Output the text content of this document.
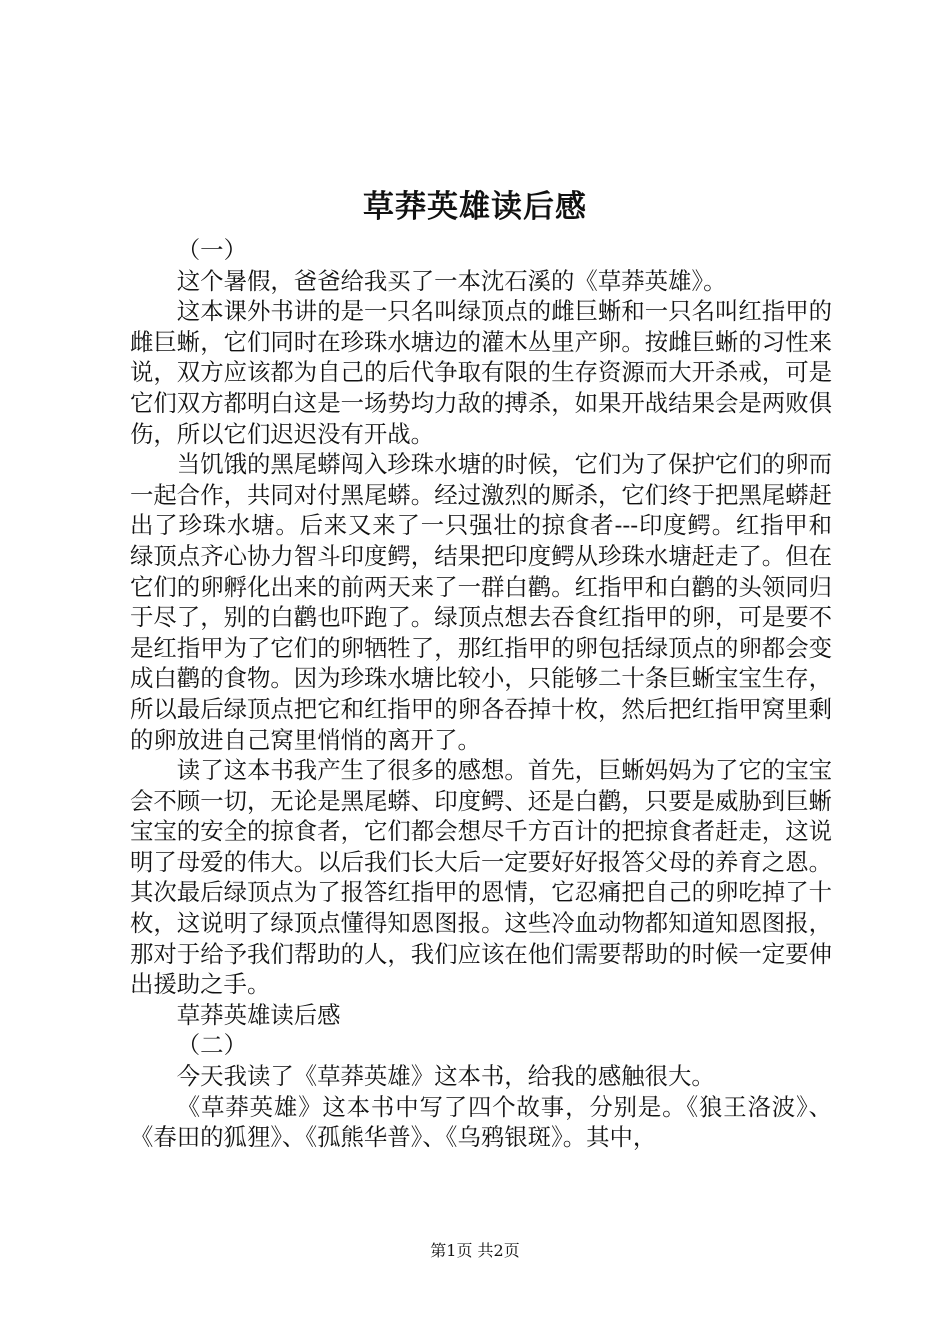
草莽英雄读后感

（一）

这个暑假，爸爸给我买了一本沈石溪的《草莽英雄》。

这本课外书讲的是一只名叫绿顶点的雌巨蜥和一只名叫红指甲的雌巨蜥，它们同时在珍珠水塘边的灌木丛里产卵。按雌巨蜥的习性来说，双方应该都为自己的后代争取有限的生存资源而大开杀戒，可是它们双方都明白这是一场势均力敌的搏杀，如果开战结果会是两败俱伤，所以它们迟迟没有开战。

当饥饿的黑尾蟒闯入珍珠水塘的时候，它们为了保护它们的卵而一起合作，共同对付黑尾蟒。经过激烈的厮杀，它们终于把黑尾蟒赶出了珍珠水塘。后来又来了一只强壮的掠食者---印度鳄。红指甲和绿顶点齐心协力智斗印度鳄，结果把印度鳄从珍珠水塘赶走了。但在它们的卵孵化出来的前两天来了一群白鹳。红指甲和白鹳的头领同归于尽了，别的白鹳也吓跑了。绿顶点想去吞食红指甲的卵，可是要不是红指甲为了它们的卵牺牲了，那红指甲的卵包括绿顶点的卵都会变成白鹳的食物。因为珍珠水塘比较小，只能够二十条巨蜥宝宝生存，所以最后绿顶点把它和红指甲的卵各吞掉十枚，然后把红指甲窝里剩的卵放进自己窝里悄悄的离开了。

读了这本书我产生了很多的感想。首先，巨蜥妈妈为了它的宝宝会不顾一切，无论是黑尾蟒、印度鳄、还是白鹳，只要是威胁到巨蜥宝宝的安全的掠食者，它们都会想尽千方百计的把掠食者赶走，这说明了母爱的伟大。以后我们长大后一定要好好报答父母的养育之恩。其次最后绿顶点为了报答红指甲的恩情，它忍痛把自己的卵吃掉了十枚，这说明了绿顶点懂得知恩图报。这些冷血动物都知道知恩图报，那对于给予我们帮助的人，我们应该在他们需要帮助的时候一定要伸出援助之手。

草莽英雄读后感

（二）

今天我读了《草莽英雄》这本书，给我的感触很大。

《草莽英雄》这本书中写了四个故事，分别是。《狼王洛波》、《春田的狐狸》、《孤熊华普》、《乌鸦银斑》。其中，

第1页 共2页
